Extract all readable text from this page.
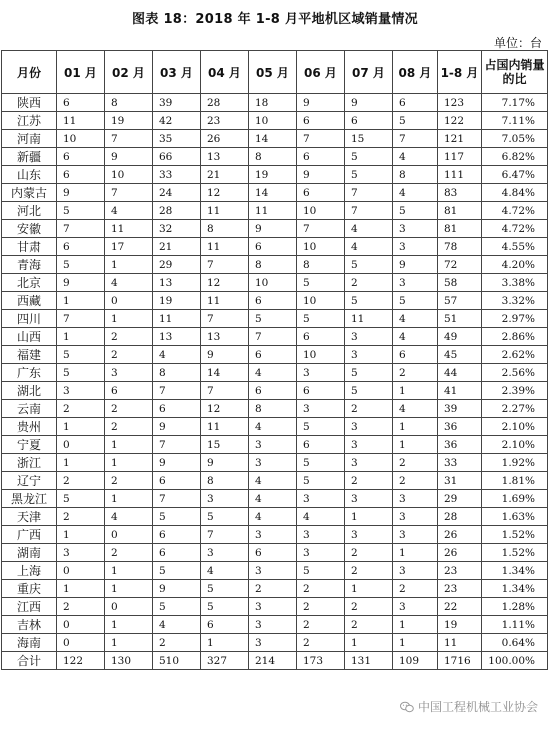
图表 18：2018 年 1-8 月平地机区域销量情况
单位：台
月份	01 月	02 月	03 月	04 月	05 月	06 月	07 月	08 月	1-8 月	占国内销量的比
陕西	6	8	39	28	18	9	9	6	123	7.17%
江苏	11	19	42	23	10	6	6	5	122	7.11%
河南	10	7	35	26	14	7	15	7	121	7.05%
新疆	6	9	66	13	8	6	5	4	117	6.82%
山东	6	10	33	21	19	9	5	8	111	6.47%
内蒙古	9	7	24	12	14	6	7	4	83	4.84%
河北	5	4	28	11	11	10	7	5	81	4.72%
安徽	7	11	32	8	9	7	4	3	81	4.72%
甘肃	6	17	21	11	6	10	4	3	78	4.55%
青海	5	1	29	7	8	8	5	9	72	4.20%
北京	9	4	13	12	10	5	2	3	58	3.38%
西藏	1	0	19	11	6	10	5	5	57	3.32%
四川	7	1	11	7	5	5	11	4	51	2.97%
山西	1	2	13	13	7	6	3	4	49	2.86%
福建	5	2	4	9	6	10	3	6	45	2.62%
广东	5	3	8	14	4	3	5	2	44	2.56%
湖北	3	6	7	7	6	6	5	1	41	2.39%
云南	2	2	6	12	8	3	2	4	39	2.27%
贵州	1	2	9	11	4	5	3	1	36	2.10%
宁夏	0	1	7	15	3	6	3	1	36	2.10%
浙江	1	1	9	9	3	5	3	2	33	1.92%
辽宁	2	2	6	8	4	5	2	2	31	1.81%
黑龙江	5	1	7	3	4	3	3	3	29	1.69%
天津	2	4	5	5	4	4	1	3	28	1.63%
广西	1	0	6	7	3	3	3	3	26	1.52%
湖南	3	2	6	3	6	3	2	1	26	1.52%
上海	0	1	5	4	3	5	2	3	23	1.34%
重庆	1	1	9	5	2	2	1	2	23	1.34%
江西	2	0	5	5	3	2	2	3	22	1.28%
吉林	0	1	4	6	3	2	2	1	19	1.11%
海南	0	1	2	1	3	2	1	1	11	0.64%
合计	122	130	510	327	214	173	131	109	1716	100.00%
中国工程机械工业协会
